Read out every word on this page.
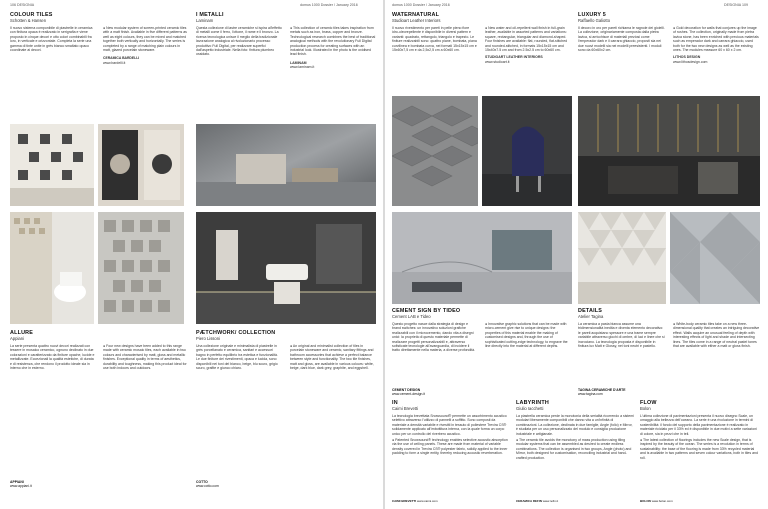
106 DESIGNIA	domus 1000 Dossier / January 2016	domus 1000 Dossier / January 2016	DESIGNIA 109
COLOUR TILES
Schotten & Hansen

Il nuovo sistema componibile di piastrelle in ceramica con finitura opaca è realizzato in serigrafia e viene proposto in cinque decori e otto colori combinabili fra loro, in verticale e orizzontale. Completa la serie una gamma di tinte unite in grès bianco smaltato opaco coordinate ai decori.

● New modular system of screen-printed ceramic tiles with a matt finish. Available in five different patterns as well as eight colours, they can be mixed and matched together both vertically and horizontally. The series is completed by a range of matching plain colours in matt, glazed porcelain stoneware.

CERAMICA BARDELLI
www.bardelli.it

I METALLI
Laminam

Questa collezione di lastre ceramiche si ispira all'effetto di metalli come il ferro, l'ottone, il rame e il bronzo. La ricerca tecnologica unisce il meglio della tradizionale lavorazione analogica al rivoluzionario processo produttivo Full Digital, per realizzare superfici dall'aspetto industriale. Nella foto: finitura plumbeo ossidato.

● This collection of ceramic tiles takes inspiration from metals such as iron, brass, copper and bronze. Technological research combines the best of traditional analogical methods with the revolutionary Full Digital production process for creating surfaces with an industrial look. Illustrated in the photo is the oxidised lead finish.

LAMINAM
www.laminam.it

ALLURE
Appiani

La serie presenta quattro nuovi decori realizzati con tessere in mosaico ceramico, ognuno declinato in due colorazioni e caratterizzato da finiture opache, lucide e metallizzate. Eccezionali la qualità estetiche, di durata e di resistenza, che rendono il prodotto ideale sia in interno che in esterno.

● Four new designs have been added to this range made with ceramic mosaic tiles, each available in two colours and characterised by matt, gloss and metallic finishes. Exceptional quality in terms of aesthetics, durability and toughness, making this product ideal for use both indoors and outdoors.

APPIANI
www.appiani.it
PÆTCHWORK/ COLLECTION
Piero Lissoni

Una collezione originale e minimalista di piastrelle in grès porcellanato e ceramica, sanitari e accessori bagno in perfetto equilibrio tra estetica e funzionalità. Le due finiture dei rivestimenti, opaca e lucida, sono disponibili nei toni del bianco, beige, blu scuro, grigio scuro, grafite e giunco chiaro.

● An original and minimalist collection of tiles in porcelain stoneware and ceramic, sanitary fittings and bathroom accessories that achieve a perfect balance between style and functionality. The two tile finishes, matt and gloss, are available in various colours: white, beige, dark blue, dark grey, graphite, and eggshell.

COTTO
www.cotto.com
WATERNATURAL
Studioart Leather Interiors

Il nuovo rivestimento per pareti in pelle pieno fiore idro-oleorepellente è disponibile in diversi pattern e varianti: quadrato, rettangolo, triangolo e trapezio. Le finiture realizzabili sono: quattro piane, bombata, piana curvilinea e bombata curva, nei formati 15x15x15 cm e 15x60x7,5 cm e da 2,5x2,5 cm a 60x60 cm.

● New water and oil-repellent wall finish in full-grain leather, available in assorted patterns and variations: square, rectangular, triangular and diamond-shaped. Four finishes are available: flat, rounded, flat-stitched and rounded-stitched, in formats 15x15x15 cm and 15x40x7.5 cm and from 2.5x2.5 cm to 60x60 cm.

STUDIOART LEATHER INTERIORS
www.studioart.it

LUXURY 5
Raffaello Galiotto

Il decoro in oro per pareti richiama le ragnole dei gioielli. La collezione, originariamente composta dalla pietra lavica, si arricchisce di materiali preziosi come l'emperador dark e il carrara ghiaccio, proposti sia nei due nuovi modelli sia nei modelli preesistenti. I moduli sono da 60x60x2 cm.

● Gold decoration for walls that conjures up the image of rushes. The collection, originally made from pietra lavica stone, has been enriched with precious materials such as emperador dark and carrara ghiaccio, used both for the two new designs as well as the existing ones. The modules measure 60 x 60 x 2 cm.

LITHOS DESIGN
www.lithosdesign.com

CEMENT SIGN BY TIDEO
Cement LAB e Tideo

Questo progetto nasce dalla strategia di design e brand switches: un innovativo soluzioni grafiche realizzabili con il microcemento, dando vita a disegni unici: la proprietà di questo materiale permette di realizzare progetti personalizzabili e, attraverso sofisticate tecnologie all'avanguardia, di incidere il tratto direttamente nella materia, a diverse profondità.

● Innovative graphic solutions that can be made with micro-cement give rise to unique designs: the properties of this material enable the making of customised designs and, through the use of sophisticated cutting-edge technology, to engrave the line directly into the material at different depths.

CEMENT DESIGN
www.cement-design.it
DETAILS
Atelier Tagina

La ceramica a pasta bianca assume una tridimensionalità inedita e diventa elemento decorativo: le pareti acquistano spessore e una trame sempre variabile attraverso giochi di ombre, di luci e linee che si incrociano. La tecnologia proposta è disponibile in finitura lux Matt e Glossy, nei toni neutri e pastello.

● White-body ceramic tiles take on a new three-dimensional quality that creates an intriguing decorative effect. Walls acquire an unusual feeling of depth with interesting effects of light and shade and intersecting lines. The tiles come in a range of neutral pastel tones that are available with either a matt or gloss finish.

TAGINA CERAMICHE D'ARTE
www.tagina.com
IN
Caimi Brevetti

La tecnologia brevettata Snowsound® permette un assorbimento acustico selettivo attraverso l'utilizzo di pannelli a soffitto. Sono composti da materiale a densità variabile e rivestiti in tessuto di poliestere Trevira CS® solidamente applicato all'imbottitura interna, con la quale forma un corpo unico per un controllo del riverbero acustico.

● Patented Snowsound® technology enables selective acoustic absorption via the use of ceiling panels. These are made from material of variable density covered in Trevira CS® polyester fabric, solidly applied to the inner padding to form a single entity, thereby reducing acoustic reverberation.

LABYRINTH
Giulio Iacchetti

La piastrella ceramica perde la monotonia della serialità ricorrendo a sistemi modulari liberamente componibili che danno vita a un'infinità di combinazioni. La collezione, declinata in due famiglie, Angle (folio) e Mirror, è studiata per un uso personalizzato del modulo e consiglia produzione industriale e artigianale.

● The ceramic tile avoids the monotony of mass production using tiling modular systems that can be assembled as desired to create endless combinations. The collection is organised in two groups, Angle (photo) and Mirror, both designed for customisation, reconciling industrial and hand-crafted production.

FLOW
Bolon

L'ultima collezione di pavimentazioni presenta il nuovo disegno Scale, un omaggio alla bellezza dell'oceano. La serie è una rivoluzione in termini di sostenibilità: il fondo del supporto della pavimentazione è realizzato in materiale riciclato per il 33% ed è disponibile in due motivi a sette variazioni di colore, sia in pezzi che in teli.

● The latest collection of floorings includes the new Scale design, that is inspired by the beauty of the ocean. The series is a revolution in terms of sustainability: the base of the flooring is made from 33% recycled material and is available in two patterns and seven colour variations, both in tiles and roll.

CAIMI BREVETTI www.caimi.com	CERAMICA REFIN www.refin.it	BOLON www.bolon.com
